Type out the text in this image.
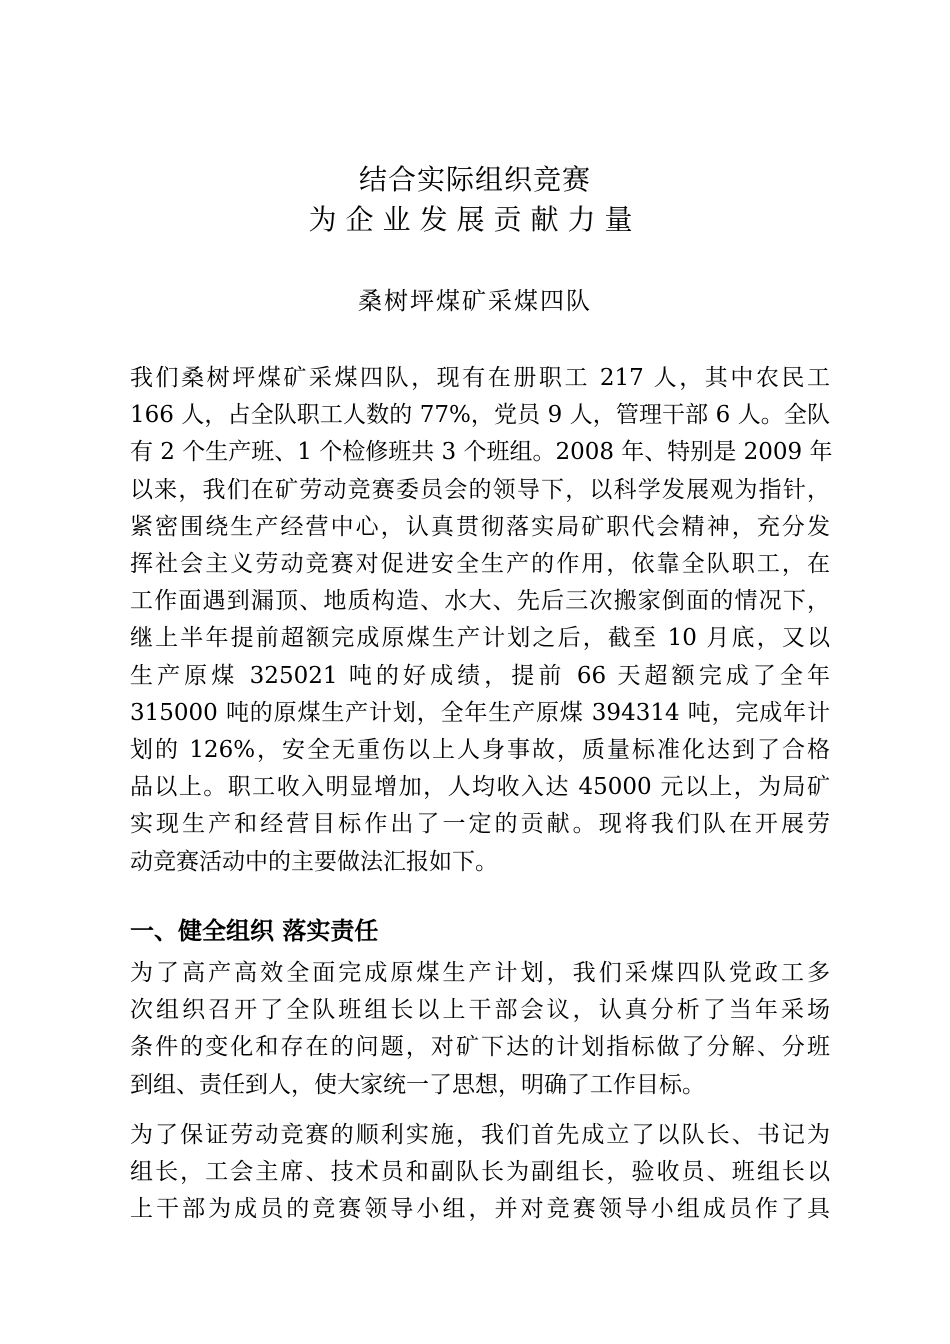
结合实际组织竞赛
为企业发展贡献力量
桑树坪煤矿采煤四队
我们桑树坪煤矿采煤四队，现有在册职工 217 人，其中农民工
166 人，占全队职工人数的 77%，党员 9 人，管理干部 6 人。全队
有 2 个生产班、1 个检修班共 3 个班组。2008 年、特别是 2009 年
以来，我们在矿劳动竞赛委员会的领导下，以科学发展观为指针，
紧密围绕生产经营中心，认真贯彻落实局矿职代会精神，充分发
挥社会主义劳动竞赛对促进安全生产的作用，依靠全队职工，在
工作面遇到漏顶、地质构造、水大、先后三次搬家倒面的情况下，
继上半年提前超额完成原煤生产计划之后，截至 10 月底，又以
生产原煤 325021 吨的好成绩，提前 66 天超额完成了全年
315000 吨的原煤生产计划，全年生产原煤 394314 吨，完成年计
划的 126%，安全无重伤以上人身事故，质量标准化达到了合格
品以上。职工收入明显增加，人均收入达 45000 元以上，为局矿
实现生产和经营目标作出了一定的贡献。现将我们队在开展劳
动竞赛活动中的主要做法汇报如下。
一、健全组织 落实责任
为了高产高效全面完成原煤生产计划，我们采煤四队党政工多
次组织召开了全队班组长以上干部会议，认真分析了当年采场
条件的变化和存在的问题，对矿下达的计划指标做了分解、分班
到组、责任到人，使大家统一了思想，明确了工作目标。
为了保证劳动竞赛的顺利实施，我们首先成立了以队长、书记为
组长，工会主席、技术员和副队长为副组长，验收员、班组长以
上干部为成员的竞赛领导小组，并对竞赛领导小组成员作了具
